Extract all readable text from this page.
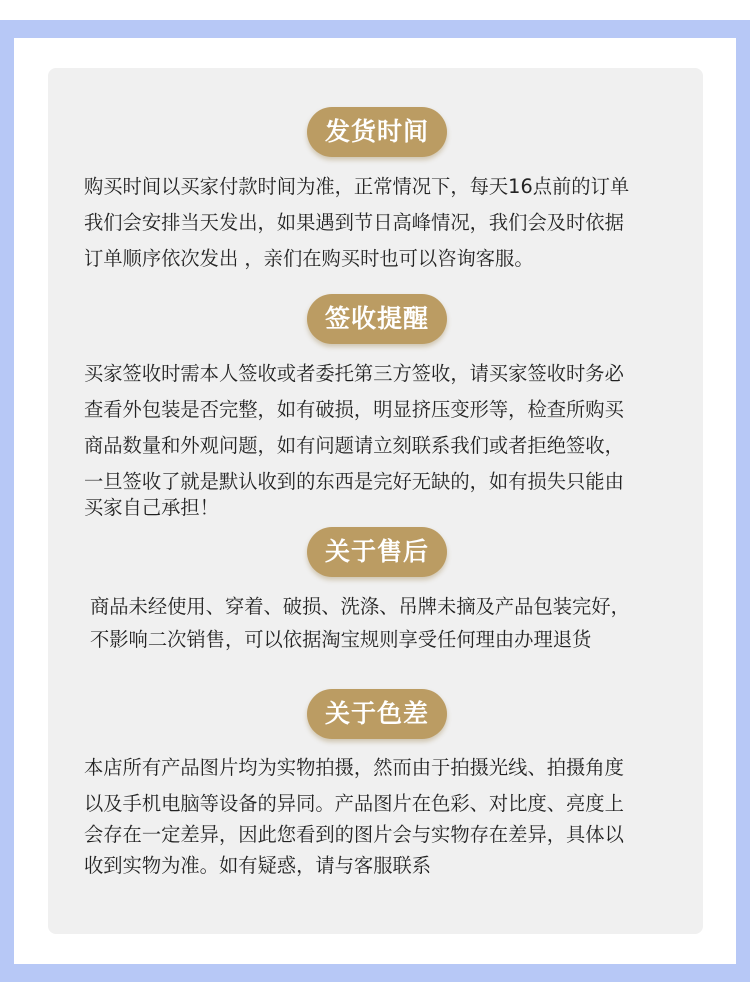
发货时间
购买时间以买家付款时间为准，正常情况下，每天16点前的订单
我们会安排当天发出，如果遇到节日高峰情况，我们会及时依据
订单顺序依次发出 ，亲们在购买时也可以咨询客服。
签收提醒
买家签收时需本人签收或者委托第三方签收，请买家签收时务必
查看外包装是否完整，如有破损，明显挤压变形等，检查所购买
商品数量和外观问题，如有问题请立刻联系我们或者拒绝签收，
一旦签收了就是默认收到的东西是完好无缺的，如有损失只能由
买家自己承担！
关于售后
商品未经使用、穿着、破损、洗涤、吊牌未摘及产品包装完好，
不影响二次销售，可以依据淘宝规则享受任何理由办理退货
关于色差
本店所有产品图片均为实物拍摄，然而由于拍摄光线、拍摄角度
以及手机电脑等设备的异同。产品图片在色彩、对比度、亮度上
会存在一定差异，因此您看到的图片会与实物存在差异，具体以
收到实物为准。如有疑惑，请与客服联系
